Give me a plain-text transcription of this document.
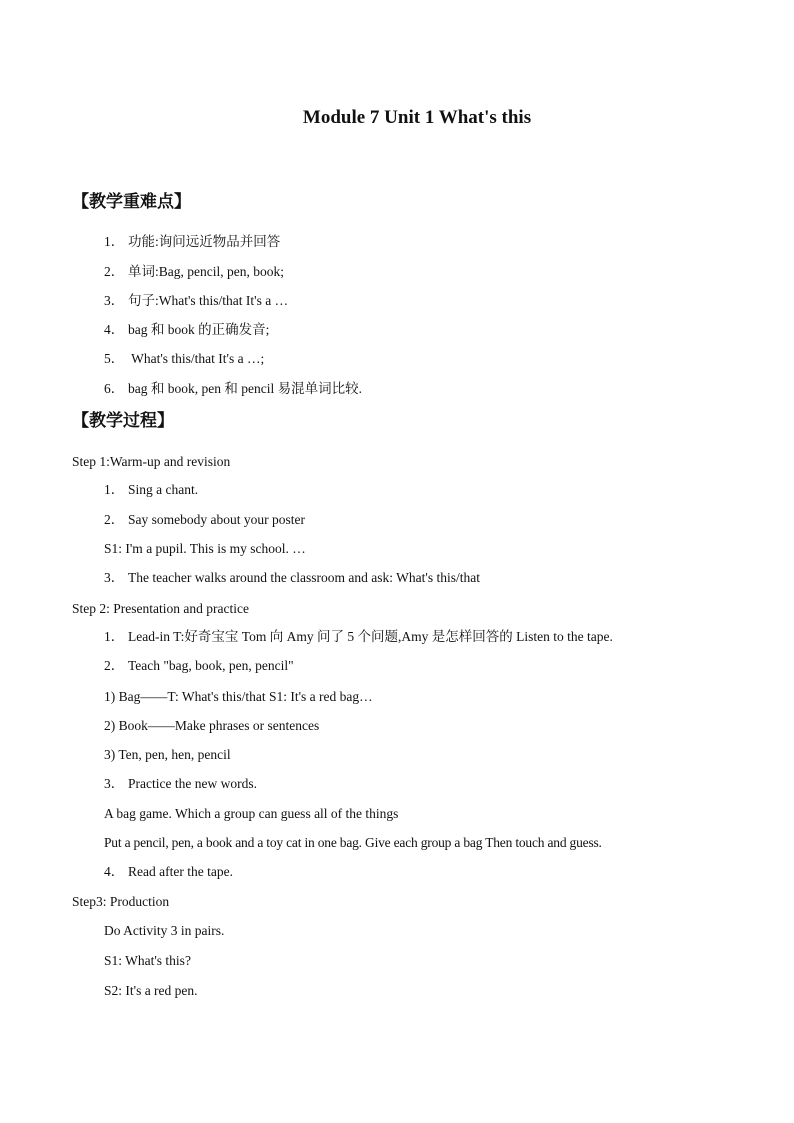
Module 7 Unit 1 What's this
【教学重难点】
1． 功能:询问远近物品并回答
2． 单词:Bag, pencil, pen, book;
3． 句子:What's this/that It's a …
4． bag 和 book 的正确发音;
5． What's this/that It's a …;
6． bag 和 book, pen 和 pencil 易混单词比较.
【教学过程】
Step 1:Warm-up and revision
1． Sing a chant.
2． Say somebody about your poster
S1: I'm a pupil. This is my school. …
3． The teacher walks around the classroom and ask: What's this/that
Step 2: Presentation and practice
1． Lead-in T:好奇宝宝 Tom 向 Amy 问了 5 个问题,Amy 是怎样回答的 Listen to the tape.
2． Teach "bag, book, pen, pencil"
1) Bag——T: What's this/that S1: It's a red bag…
2) Book——Make phrases or sentences
3) Ten, pen, hen, pencil
3． Practice the new words.
A bag game. Which a group can guess all of the things
Put a pencil, pen, a book and a toy cat in one bag. Give each group a bag Then touch and guess.
4． Read after the tape.
Step3: Production
Do Activity 3 in pairs.
S1: What's this?
S2: It's a red pen.
